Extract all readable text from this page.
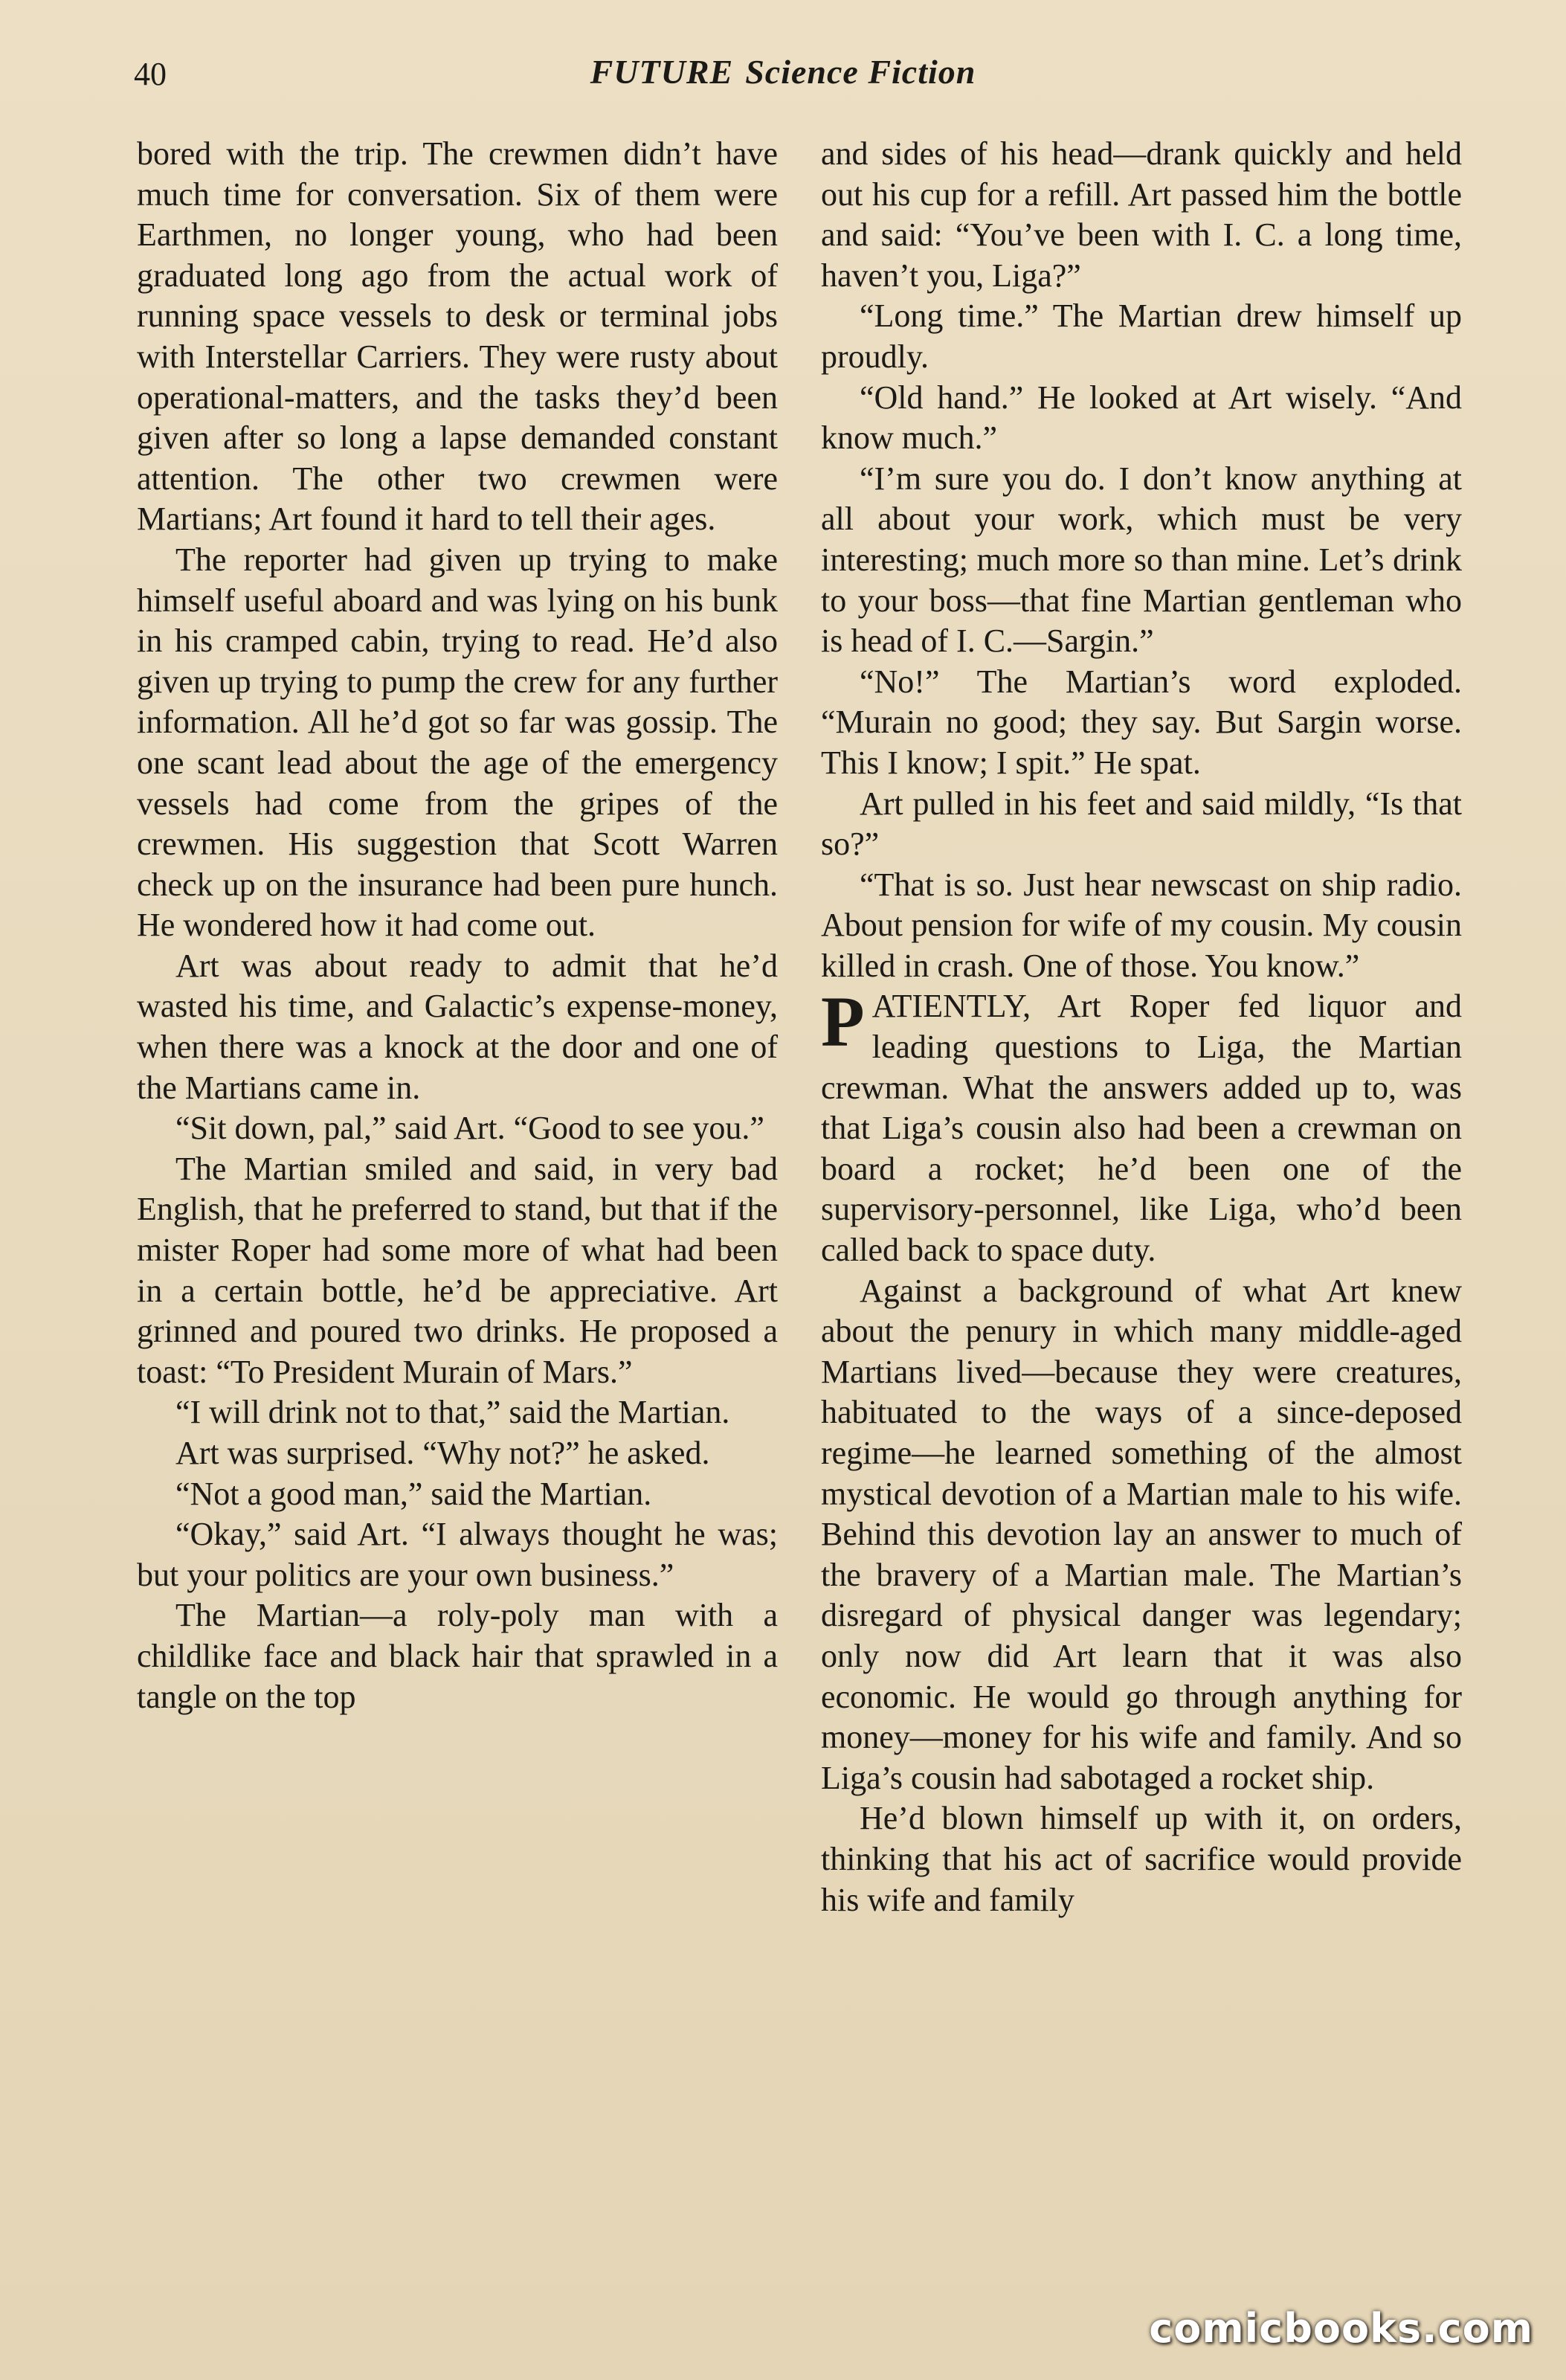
40	FUTURE Science Fiction

bored with the trip. The crewmen didn’t have much time for conversation. Six of them were Earthmen, no longer young, who had been graduated long ago from the actual work of running space vessels to desk or terminal jobs with Interstellar Carriers. They were rusty about operational-matters, and the tasks they’d been given after so long a lapse demanded constant attention. The other two crewmen were Martians; Art found it hard to tell their ages.

The reporter had given up trying to make himself useful aboard and was lying on his bunk in his cramped cabin, trying to read. He’d also given up trying to pump the crew for any further information. All he’d got so far was gossip. The one scant lead about the age of the emergency vessels had come from the gripes of the crewmen. His suggestion that Scott Warren check up on the insurance had been pure hunch. He wondered how it had come out.

Art was about ready to admit that he’d wasted his time, and Galactic’s expense-money, when there was a knock at the door and one of the Martians came in.

“Sit down, pal,” said Art. “Good to see you.”

The Martian smiled and said, in very bad English, that he preferred to stand, but that if the mister Roper had some more of what had been in a certain bottle, he’d be appreciative. Art grinned and poured two drinks. He proposed a toast: “To President Murain of Mars.”

“I will drink not to that,” said the Martian.

Art was surprised. “Why not?” he asked.

“Not a good man,” said the Martian.

“Okay,” said Art. “I always thought he was; but your politics are your own business.”

The Martian—a roly-poly man with a childlike face and black hair that sprawled in a tangle on the top

and sides of his head—drank quickly and held out his cup for a refill. Art passed him the bottle and said: “You’ve been with I. C. a long time, haven’t you, Liga?”

“Long time.” The Martian drew himself up proudly.

“Old hand.” He looked at Art wisely. “And know much.”

“I’m sure you do. I don’t know anything at all about your work, which must be very interesting; much more so than mine. Let’s drink to your boss—that fine Martian gentleman who is head of I. C.—Sargin.”

“No!” The Martian’s word exploded. “Murain no good; they say. But Sargin worse. This I know; I spit.” He spat.

Art pulled in his feet and said mildly, “Is that so?”

“That is so. Just hear newscast on ship radio. About pension for wife of my cousin. My cousin killed in crash. One of those. You know.”

PATIENTLY, Art Roper fed liquor and leading questions to Liga, the Martian crewman. What the answers added up to, was that Liga’s cousin also had been a crewman on board a rocket; he’d been one of the supervisory-personnel, like Liga, who’d been called back to space duty.

Against a background of what Art knew about the penury in which many middle-aged Martians lived—because they were creatures, habituated to the ways of a since-deposed regime—he learned something of the almost mystical devotion of a Martian male to his wife. Behind this devotion lay an answer to much of the bravery of a Martian male. The Martian’s disregard of physical danger was legendary; only now did Art learn that it was also economic. He would go through anything for money—money for his wife and family. And so Liga’s cousin had sabotaged a rocket ship.

He’d blown himself up with it, on orders, thinking that his act of sacrifice would provide his wife and family

comicbooks.com
